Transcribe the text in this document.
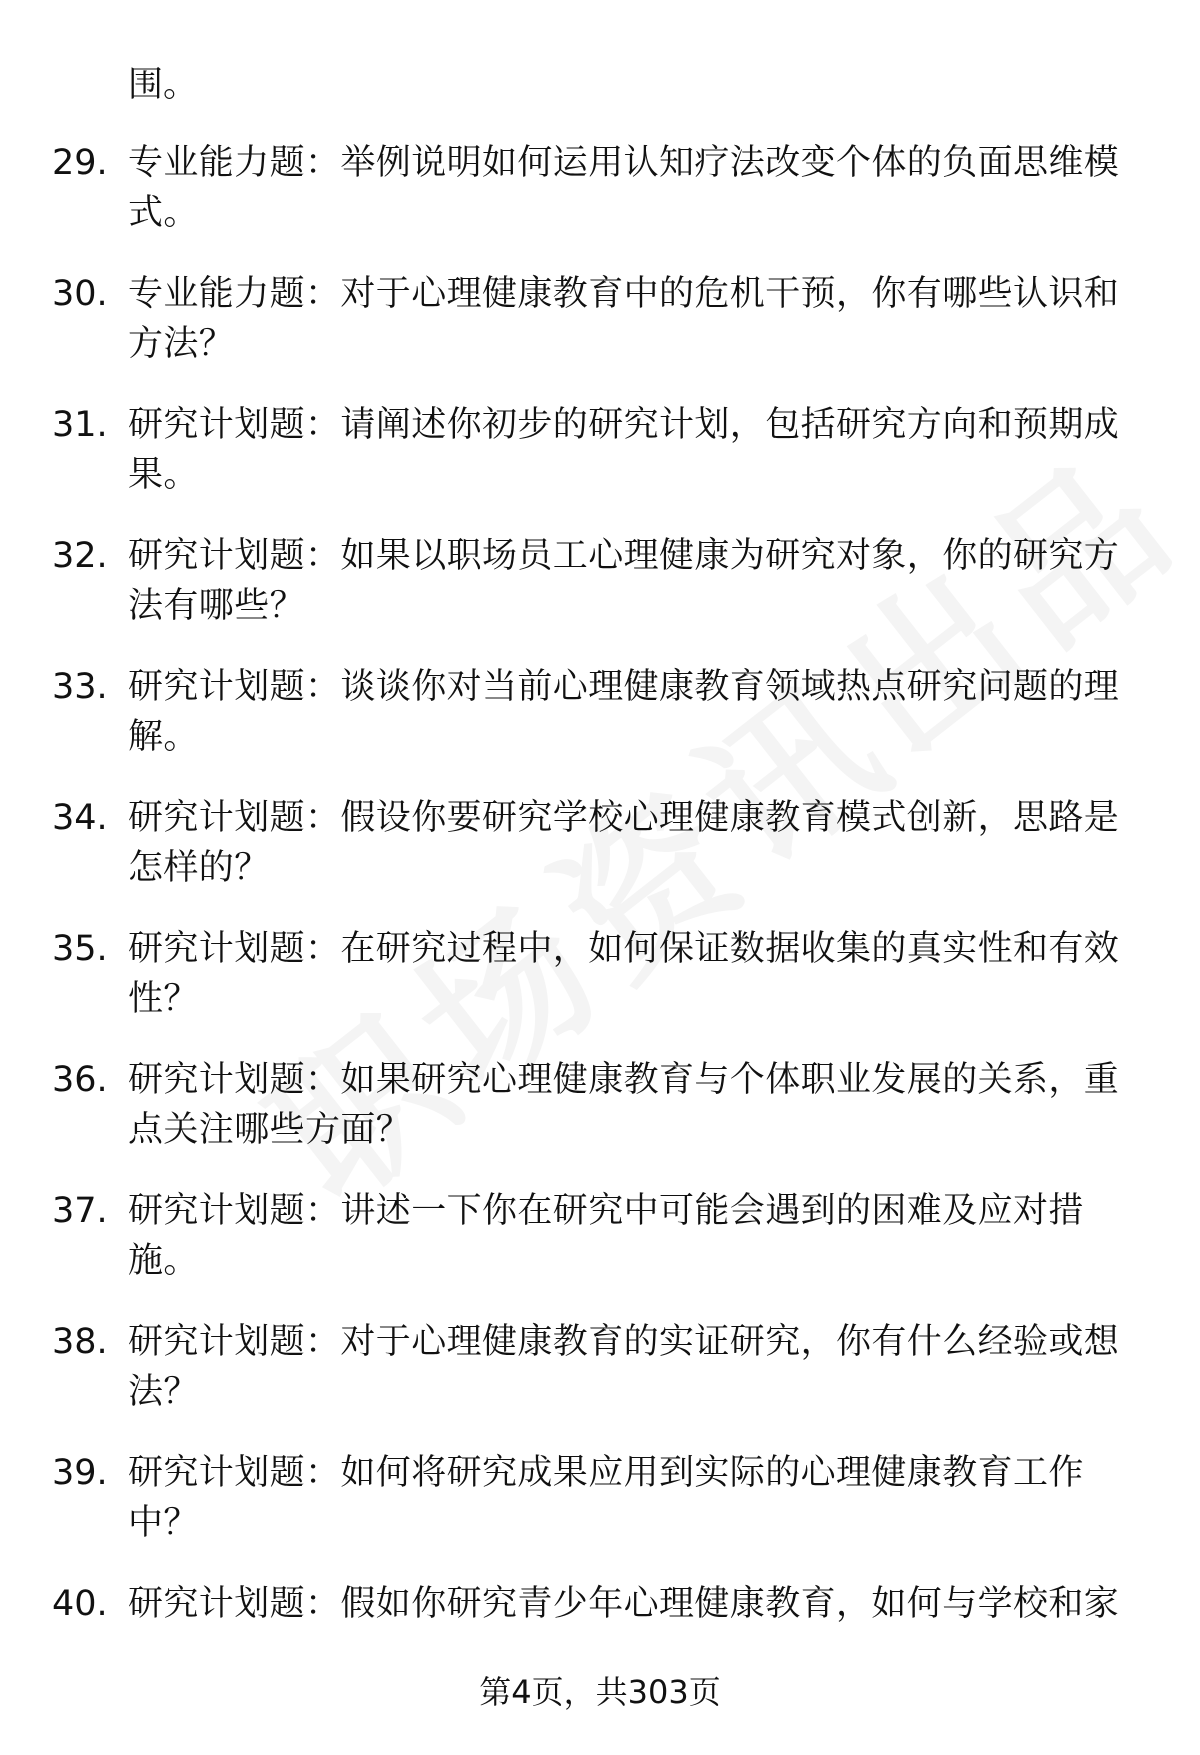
围。
29. 专业能力题：举例说明如何运用认知疗法改变个体的负面思维模式。
30. 专业能力题：对于心理健康教育中的危机干预，你有哪些认识和方法？
31. 研究计划题：请阐述你初步的研究计划，包括研究方向和预期成果。
32. 研究计划题：如果以职场员工心理健康为研究对象，你的研究方法有哪些？
33. 研究计划题：谈谈你对当前心理健康教育领域热点研究问题的理解。
34. 研究计划题：假设你要研究学校心理健康教育模式创新，思路是怎样的？
35. 研究计划题：在研究过程中，如何保证数据收集的真实性和有效性？
36. 研究计划题：如果研究心理健康教育与个体职业发展的关系，重点关注哪些方面？
37. 研究计划题：讲述一下你在研究中可能会遇到的困难及应对措施。
38. 研究计划题：对于心理健康教育的实证研究，你有什么经验或想法？
39. 研究计划题：如何将研究成果应用到实际的心理健康教育工作中？
40. 研究计划题：假如你研究青少年心理健康教育，如何与学校和家
第4页，共303页
